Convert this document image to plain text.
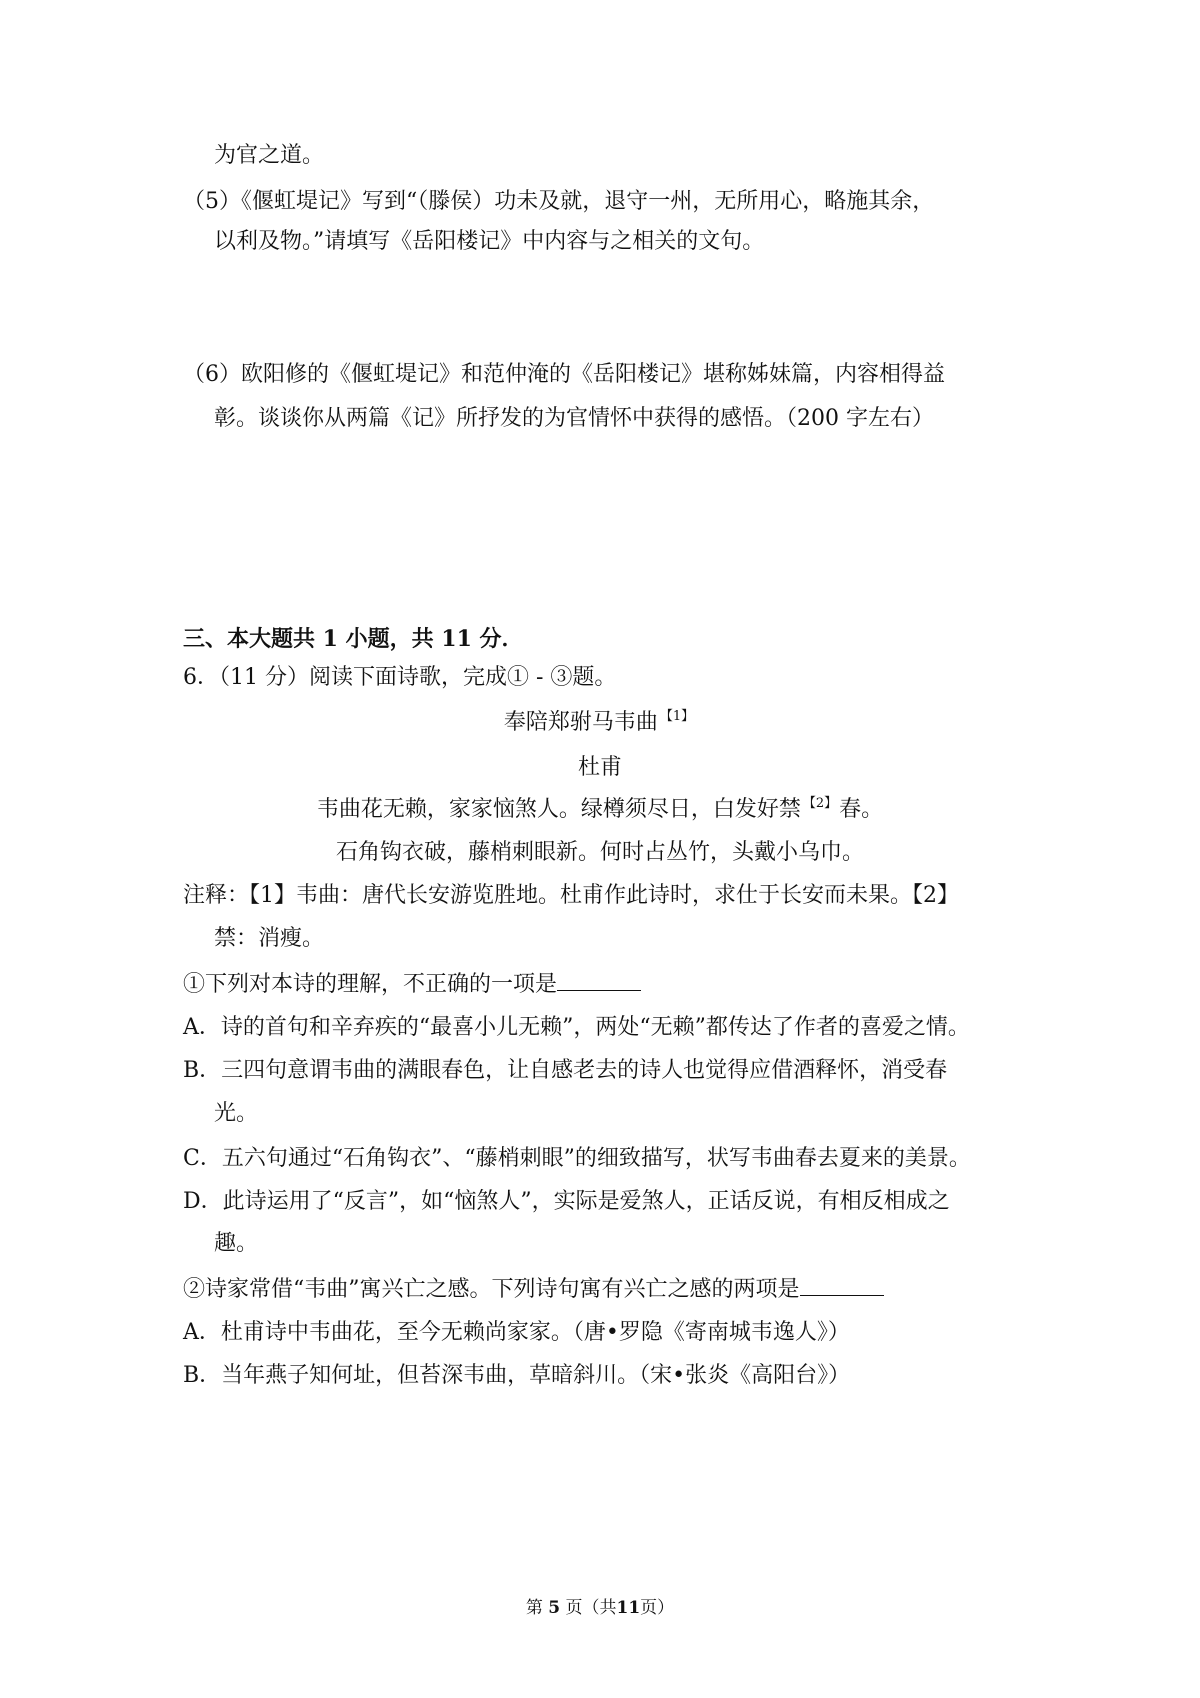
为官之道。
（5）《偃虹堤记》写到“（滕侯）功未及就，退守一州，无所用心，略施其余，
以利及物。”请填写《岳阳楼记》中内容与之相关的文句。
（6）欧阳修的《偃虹堤记》和范仲淹的《岳阳楼记》堪称姊妹篇，内容相得益
彰。谈谈你从两篇《记》所抒发的为官情怀中获得的感悟。（200 字左右）
三、本大题共 1 小题，共 11 分．
6．（11 分）阅读下面诗歌，完成① - ③题。
奉陪郑驸马韦曲 $^{【1】}$
杜甫
韦曲花无赖，家家恼煞人。绿樽须尽日，白发好禁 $^{【2】}$春。
石角钩衣破，藤梢刺眼新。何时占丛竹，头戴小乌巾。
注释：【1】韦曲：唐代长安游览胜地。杜甫作此诗时，求仕于长安而未果。【2】
禁：消瘦。
①下列对本诗的理解，不正确的一项是
A．诗的首句和辛弃疾的“最喜小儿无赖”，两处“无赖”都传达了作者的喜爱之情。
B．三四句意谓韦曲的满眼春色，让自感老去的诗人也觉得应借酒释怀，消受春
光。
C．五六句通过“石角钩衣”、“藤梢刺眼”的细致描写，状写韦曲春去夏来的美景。
D．此诗运用了“反言”，如“恼煞人”，实际是爱煞人，正话反说，有相反相成之
趣。
②诗家常借“韦曲”寓兴亡之感。下列诗句寓有兴亡之感的两项是
A．杜甫诗中韦曲花，至今无赖尚家家。（唐•罗隐《寄南城韦逸人》）
B．当年燕子知何址，但苔深韦曲，草暗斜川。（宋•张炎《高阳台》）
第 5 页（共11页）
